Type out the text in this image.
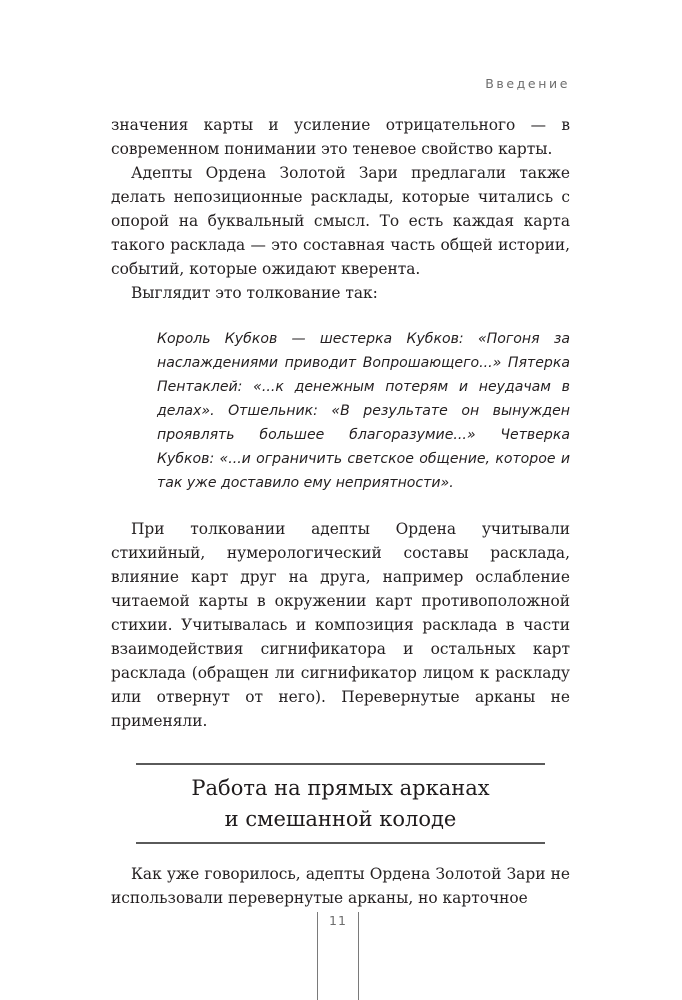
Введение

значения карты и усиление отрицательного — в современном понимании это теневое свойство карты.

Адепты Ордена Золотой Зари предлагали также делать непозиционные расклады, которые читались с опорой на буквальный смысл. То есть каждая карта такого расклада — это составная часть общей истории, событий, которые ожидают кверента.

Выглядит это толкование так:

Король Кубков — шестерка Кубков: «Погоня за наслаждениями приводит Вопрошающего...» Пятерка Пентаклей: «...к денежным потерям и неудачам в делах». Отшельник: «В результате он вынужден проявлять большее благоразумие...» Четверка Кубков: «...и ограничить светское общение, которое и так уже доставило ему неприятности».

При толковании адепты Ордена учитывали стихийный, нумерологический составы расклада, влияние карт друг на друга, например ослабление читаемой карты в окружении карт противоположной стихии. Учитывалась и композиция расклада в части взаимодействия сигнификатора и остальных карт расклада (обращен ли сигнификатор лицом к раскладу или отвернут от него). Перевернутые арканы не применяли.

Работа на прямых арканах
и смешанной колоде

Как уже говорилось, адепты Ордена Золотой Зари не использовали перевернутые арканы, но карточное

11
